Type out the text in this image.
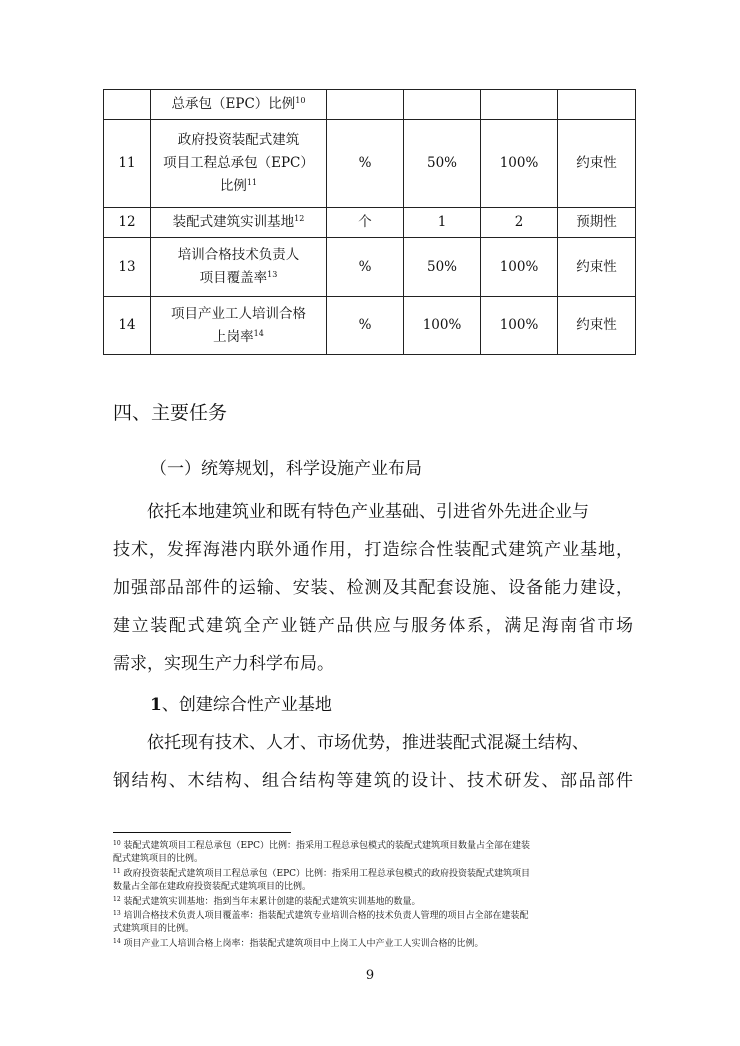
	总承包（EPC）比例$^{10}$				
11	政府投资装配式建筑
项目工程总承包（EPC）
比例$^{11}$	%	50%	100%	约束性
12	装配式建筑实训基地$^{12}$	个	1	2	预期性
13	培训合格技术负责人
项目覆盖率$^{13}$	%	50%	100%	约束性
14	项目产业工人培训合格
上岗率$^{14}$	%	100%	100%	约束性
四、主要任务
（一）统筹规划，科学设施产业布局
依托本地建筑业和既有特色产业基础、引进省外先进企业与
技术，发挥海港内联外通作用，打造综合性装配式建筑产业基地，
加强部品部件的运输、安装、检测及其配套设施、设备能力建设，
建立装配式建筑全产业链产品供应与服务体系，满足海南省市场
需求，实现生产力科学布局。
1、创建综合性产业基地
依托现有技术、人才、市场优势，推进装配式混凝土结构、
钢结构、木结构、组合结构等建筑的设计、技术研发、部品部件
$^{10}$ 装配式建筑项目工程总承包（EPC）比例：指采用工程总承包模式的装配式建筑项目数量占全部在建装
配式建筑项目的比例。
$^{11}$ 政府投资装配式建筑项目工程总承包（EPC）比例：指采用工程总承包模式的政府投资装配式建筑项目
数量占全部在建政府投资装配式建筑项目的比例。
$^{12}$ 装配式建筑实训基地：指到当年末累计创建的装配式建筑实训基地的数量。
$^{13}$ 培训合格技术负责人项目覆盖率：指装配式建筑专业培训合格的技术负责人管理的项目占全部在建装配
式建筑项目的比例。
$^{14}$ 项目产业工人培训合格上岗率：指装配式建筑项目中上岗工人中产业工人实训合格的比例。
9
